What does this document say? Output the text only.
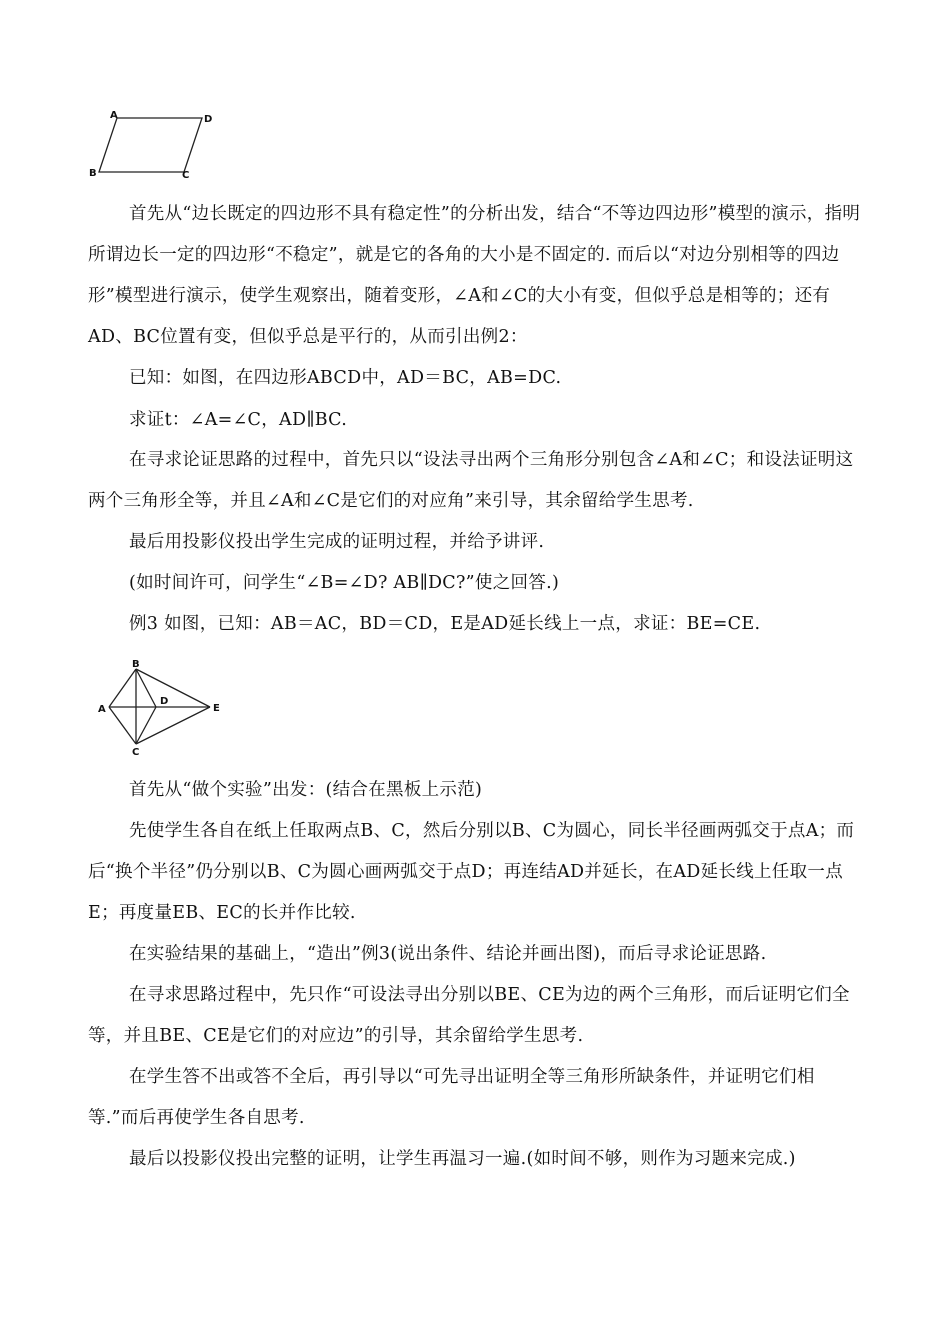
A	D
B	C

首先从“边长既定的四边形不具有稳定性”的分析出发，结合“不等边四边形”模型的演示，指明所谓边长一定的四边形“不稳定”，就是它的各角的大小是不固定的. 而后以“对边分别相等的四边形”模型进行演示，使学生观察出，随着变形，∠A和∠C的大小有变，但似乎总是相等的；还有AD、BC位置有变，但似乎总是平行的，从而引出例2：

已知：如图，在四边形ABCD中，AD＝BC，AB=DC.

求证t：∠A=∠C，AD∥BC.

在寻求论证思路的过程中，首先只以“设法寻出两个三角形分别包含∠A和∠C；和设法证明这两个三角形全等，并且∠A和∠C是它们的对应角”来引导，其余留给学生思考.

最后用投影仪投出学生完成的证明过程，并给予讲评.

(如时间许可，问学生“∠B=∠D? AB∥DC?”使之回答.)

例3 如图，已知：AB＝AC，BD＝CD，E是AD延长线上一点，求证：BE=CE.

B
A
D
E
C

首先从“做个实验”出发：(结合在黑板上示范)

先使学生各自在纸上任取两点B、C，然后分别以B、C为圆心，同长半径画两弧交于点A；而后“换个半径”仍分别以B、C为圆心画两弧交于点D；再连结AD并延长，在AD延长线上任取一点E；再度量EB、EC的长并作比较.

在实验结果的基础上，“造出”例3(说出条件、结论并画出图)，而后寻求论证思路.

在寻求思路过程中，先只作“可设法寻出分别以BE、CE为边的两个三角形，而后证明它们全等，并且BE、CE是它们的对应边”的引导，其余留给学生思考.

在学生答不出或答不全后，再引导以“可先寻出证明全等三角形所缺条件，并证明它们相等.”而后再使学生各自思考.

最后以投影仪投出完整的证明，让学生再温习一遍.(如时间不够，则作为习题来完成.)
